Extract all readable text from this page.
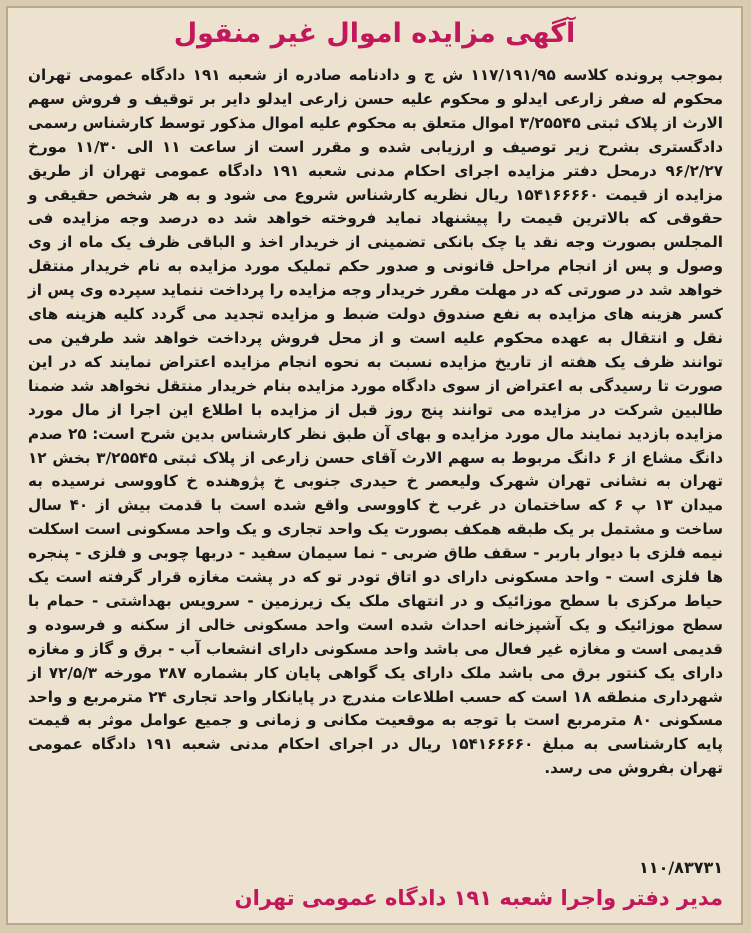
آگهی مزایده اموال غیر منقول

بموجب پرونده کلاسه ۱۱۷/۱۹۱/۹۵ ش ج و دادنامه صادره از شعبه ۱۹۱ دادگاه عمومی تهران محکوم له صفر زارعی ایدلو و محکوم علیه حسن زارعی ایدلو دایر بر توقیف و فروش سهم الارث از پلاک ثبتی ۳/۲۵۵۴۵ اموال متعلق به محکوم علیه اموال مذکور توسط کارشناس رسمی دادگستری بشرح زیر توصیف و ارزیابی شده و مقرر است از ساعت ۱۱ الی ۱۱/۳۰ مورخ ۹۶/۲/۲۷ درمحل دفتر مزایده اجرای احکام مدنی شعبه ۱۹۱ دادگاه عمومی تهران از طریق مزایده از قیمت ۱۵۴۱۶۶۶۶۰ ریال نظریه کارشناس شروع می شود و به هر شخص حقیقی و حقوقی که بالاترین قیمت را پیشنهاد نماید فروخته خواهد شد ده درصد وجه مزایده فی المجلس بصورت وجه نقد یا چک بانکی تضمینی از خریدار اخذ و الباقی ظرف یک ماه از وی وصول و پس از انجام مراحل قانونی و صدور حکم تملیک مورد مزایده به نام خریدار منتقل خواهد شد در صورتی که در مهلت مقرر خریدار وجه مزایده را پرداخت ننماید سپرده وی پس از کسر هزینه های مزایده به نفع صندوق دولت ضبط و مزایده تجدید می گردد کلیه هزینه های نقل و انتقال به عهده محکوم علیه است و از محل فروش پرداخت خواهد شد طرفین می توانند ظرف یک هفته از تاریخ مزایده نسبت به نحوه انجام مزایده اعتراض نمایند که در این صورت تا رسیدگی به اعتراض از سوی دادگاه مورد مزایده بنام خریدار منتقل نخواهد شد ضمنا طالبین شرکت در مزایده می توانند پنج روز قبل از مزایده با اطلاع این اجرا از مال مورد مزایده بازدید نمایند مال مورد مزایده و بهای آن طبق نظر کارشناس بدین شرح است: ۲۵ صدم دانگ مشاع از ۶ دانگ مربوط به سهم الارث آقای حسن زارعی از پلاک ثبتی ۳/۲۵۵۴۵ بخش ۱۲ تهران به نشانی تهران شهرک ولیعصر خ حیدری جنوبی خ پژوهنده خ کاووسی نرسیده به میدان ۱۳ پ ۶ که ساختمان در غرب خ کاووسی واقع شده است با قدمت بیش از ۴۰ سال ساخت و مشتمل بر یک طبقه همکف بصورت یک واحد تجاری و یک واحد مسکونی است اسکلت نیمه فلزی با دیوار باربر - سقف طاق ضربی - نما سیمان سفید - دربها چوبی و فلزی - پنجره ها فلزی است - واحد مسکونی دارای دو اتاق تودر تو که در پشت مغازه قرار گرفته است یک حیاط مرکزی با سطح موزائیک و در انتهای ملک یک زیرزمین - سرویس بهداشتی - حمام با سطح موزائیک و یک آشپزخانه احداث شده است واحد مسکونی خالی از سکنه و فرسوده و قدیمی است و مغازه غیر فعال می باشد واحد مسکونی دارای انشعاب آب - برق و گاز و مغازه دارای یک کنتور برق می باشد ملک دارای یک گواهی پایان کار بشماره ۳۸۷ مورخه ۷۲/۵/۳ از شهرداری منطقه ۱۸ است که حسب اطلاعات مندرج در پایانکار واحد تجاری ۲۴ مترمربع و واحد مسکونی ۸۰ مترمربع است با توجه به موقعیت مکانی و زمانی و جمیع عوامل موثر به قیمت پایه کارشناسی به مبلغ ۱۵۴۱۶۶۶۶۰ ریال در اجرای احکام مدنی شعبه ۱۹۱ دادگاه عمومی تهران بفروش می رسد.

۱۱۰/۸۳۷۳۱
مدیر دفتر واجرا شعبه ۱۹۱ دادگاه عمومی تهران
